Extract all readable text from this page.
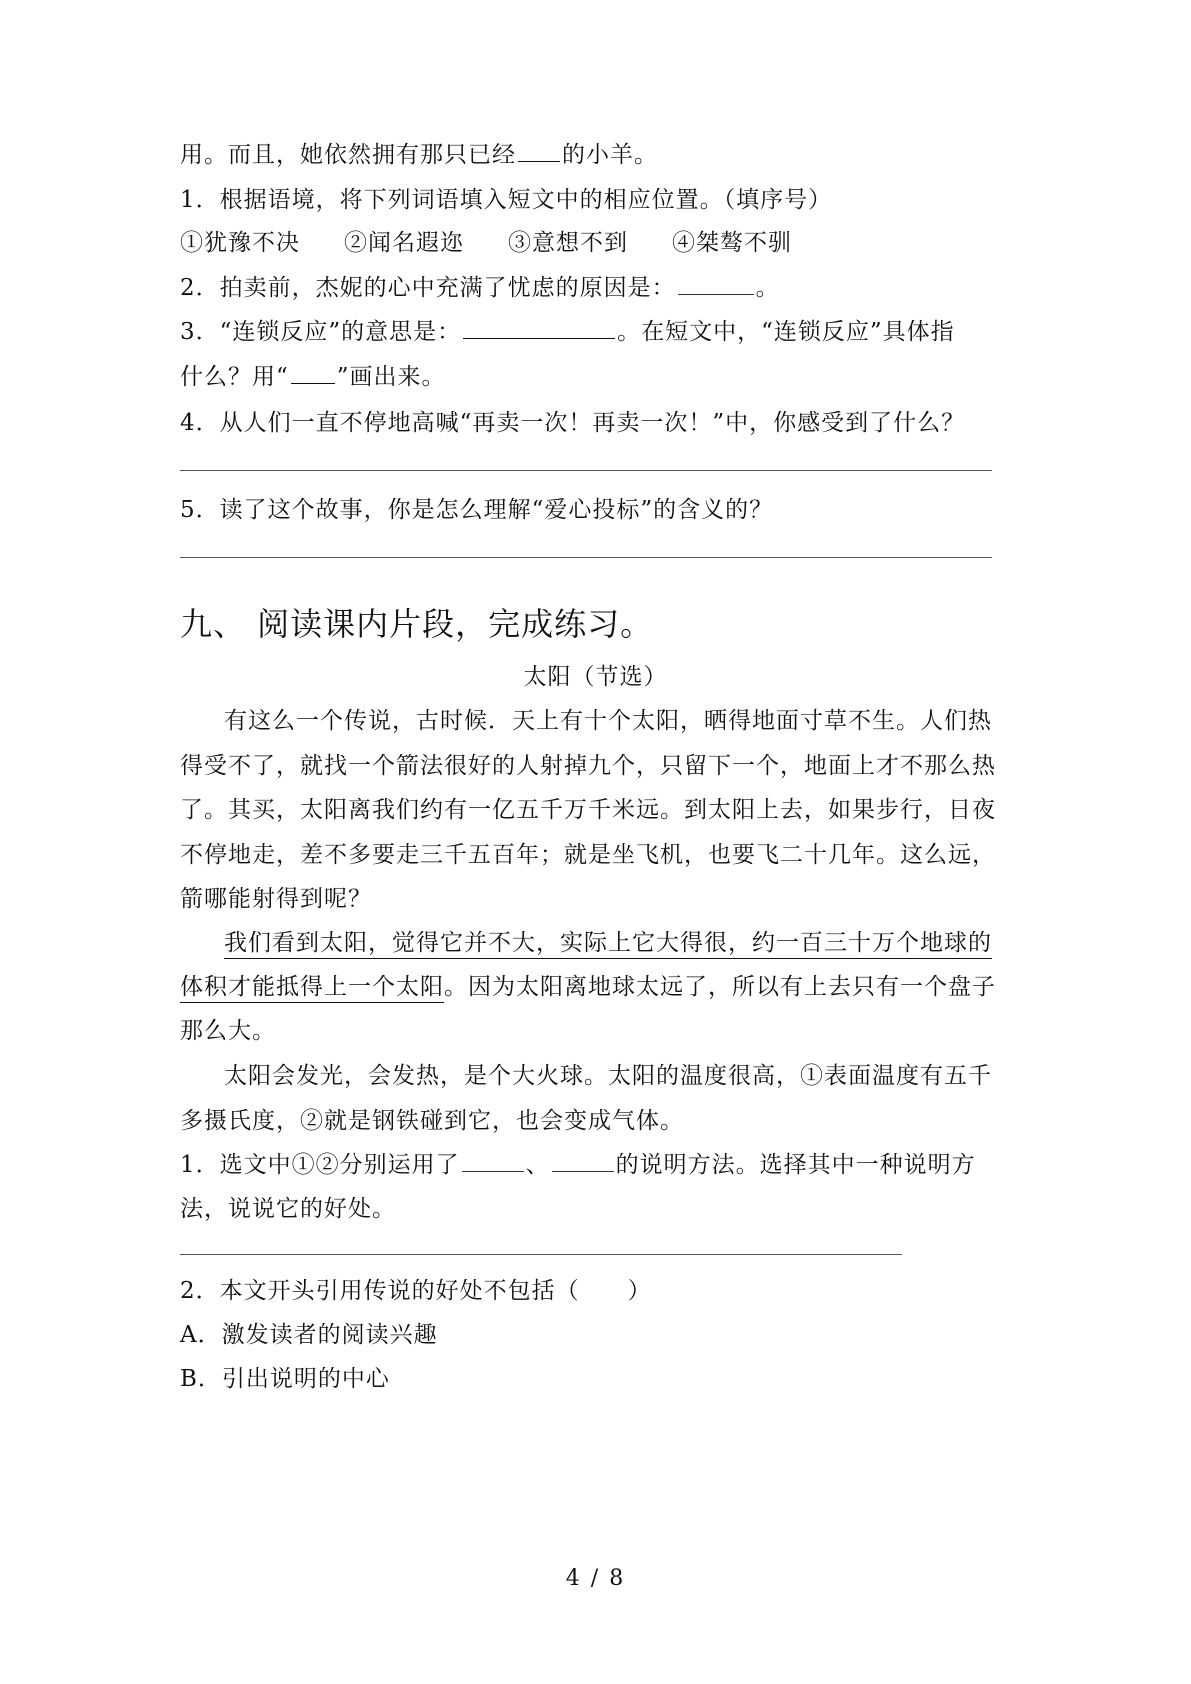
用。而且，她依然拥有那只已经 的小羊。
1．根据语境，将下列词语填入短文中的相应位置。（填序号）
①犹豫不决 ②闻名遐迩 ③意想不到 ④桀骜不驯
2．拍卖前，杰妮的心中充满了忧虑的原因是：	。
3．“连锁反应”的意思是：	。在短文中，“连锁反应”具体指
什么？用“ ”画出来。
4．从人们一直不停地高喊“再卖一次！再卖一次！”中，你感受到了什么？
5．读了这个故事，你是怎么理解“爱心投标”的含义的？
九、 阅读课内片段，完成练习。
太阳（节选）
有这么一个传说，古时候．天上有十个太阳，晒得地面寸草不生。人们热
得受不了，就找一个箭法很好的人射掉九个，只留下一个，地面上才不那么热
了。其买，太阳离我们约有一亿五千万千米远。到太阳上去，如果步行，日夜
不停地走，差不多要走三千五百年；就是坐飞机，也要飞二十几年。这么远，
箭哪能射得到呢？
我们看到太阳，觉得它并不大，实际上它大得很，约一百三十万个地球的
体积才能抵得上一个太阳。因为太阳离地球太远了，所以有上去只有一个盘子
那么大。
太阳会发光，会发热，是个大火球。太阳的温度很高，①表面温度有五千
多摄氏度，②就是钢铁碰到它，也会变成气体。
1．选文中①②分别运用了	、	的说明方法。选择其中一种说明方
法，说说它的好处。
2．本文开头引用传说的好处不包括（　　）
A．激发读者的阅读兴趣
B．引出说明的中心
4 / 8
